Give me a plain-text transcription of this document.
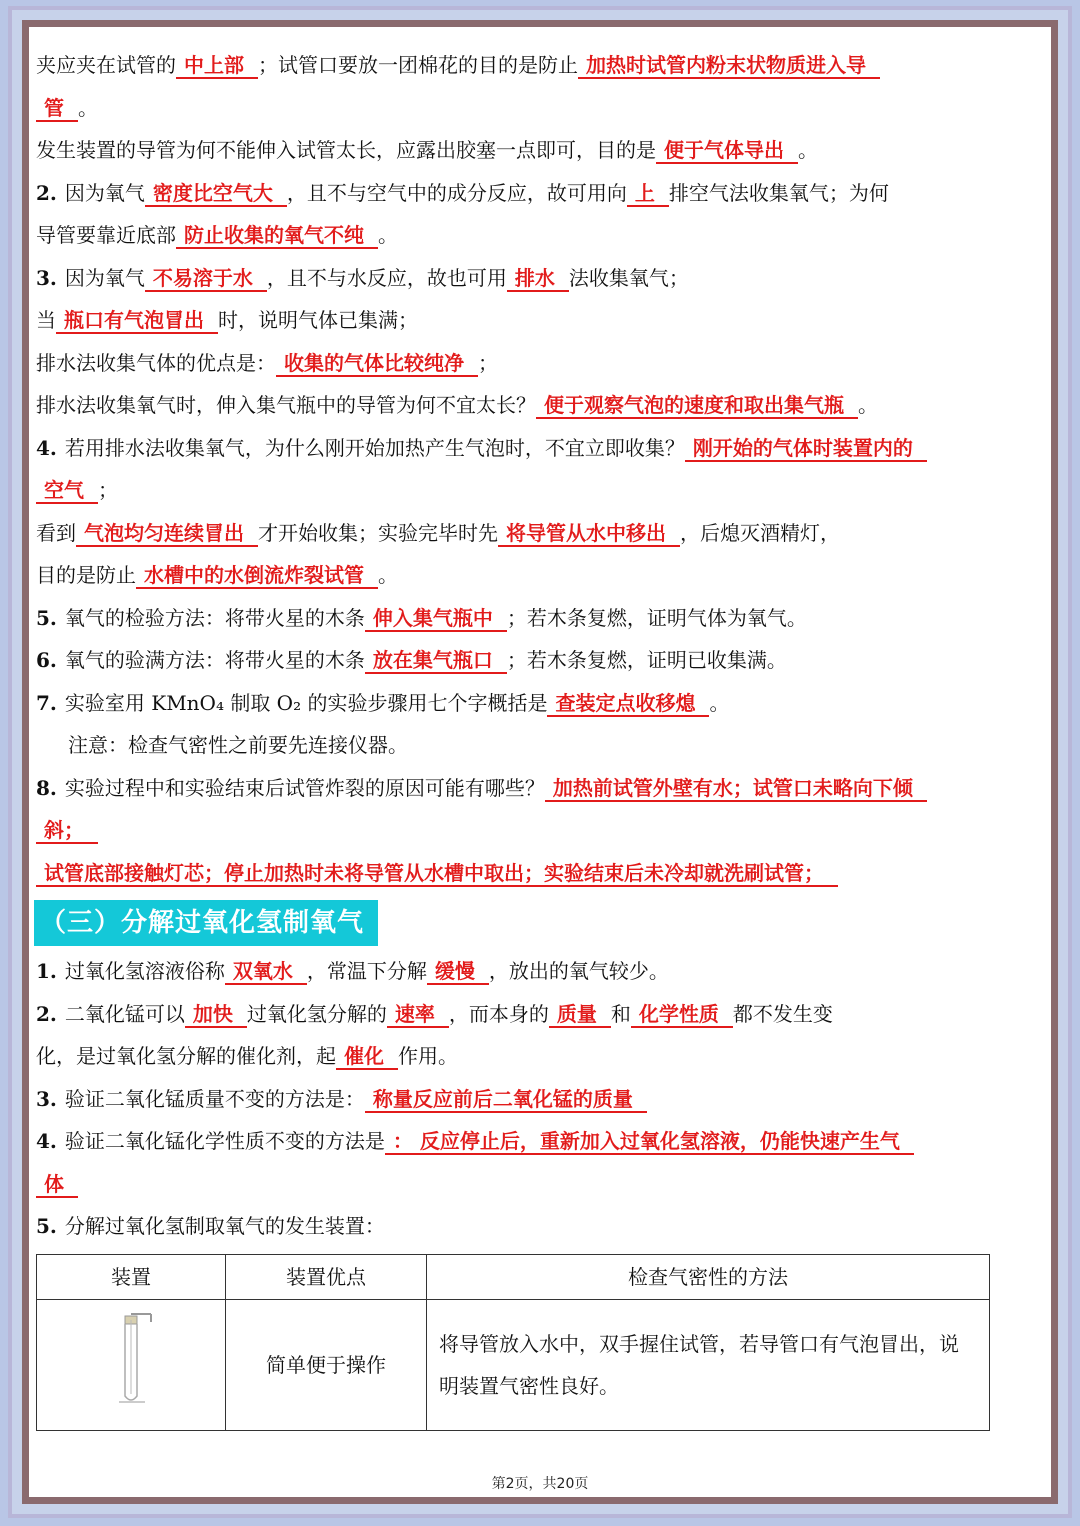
夹应夹在试管的 中上部 ；试管口要放一团棉花的目的是防止 加热时试管内粉末状物质进入导
管 。
发生装置的导管为何不能伸入试管太长，应露出胶塞一点即可，目的是 便于气体导出 。
2. 因为氧气 密度比空气大 ，且不与空气中的成分反应，故可用向 上 排空气法收集氧气；为何
导管要靠近底部 防止收集的氧气不纯 。
3. 因为氧气 不易溶于水 ，且不与水反应，故也可用 排水 法收集氧气；
当 瓶口有气泡冒出 时，说明气体已集满；
排水法收集气体的优点是： 收集的气体比较纯净 ；
排水法收集氧气时，伸入集气瓶中的导管为何不宜太长？ 便于观察气泡的速度和取出集气瓶 。
4. 若用排水法收集氧气，为什么刚开始加热产生气泡时，不宜立即收集？ 刚开始的气体时装置内的
空气 ；
看到 气泡均匀连续冒出 才开始收集；实验完毕时先 将导管从水中移出 ，后熄灭酒精灯，
目的是防止 水槽中的水倒流炸裂试管 。
5. 氧气的检验方法：将带火星的木条 伸入集气瓶中 ；若木条复燃，证明气体为氧气。
6. 氧气的验满方法：将带火星的木条 放在集气瓶口 ；若木条复燃，证明已收集满。
7. 实验室用 KMnO₄ 制取 O₂ 的实验步骤用七个字概括是 查装定点收移熄 。
注意：检查气密性之前要先连接仪器。
8. 实验过程中和实验结束后试管炸裂的原因可能有哪些？ 加热前试管外壁有水；试管口未略向下倾
斜；
试管底部接触灯芯；停止加热时未将导管从水槽中取出；实验结束后未冷却就洗刷试管；
（三）分解过氧化氢制氧气
1. 过氧化氢溶液俗称 双氧水 ，常温下分解 缓慢 ，放出的氧气较少。
2. 二氧化锰可以 加快 过氧化氢分解的 速率 ，而本身的 质量 和 化学性质 都不发生变
化，是过氧化氢分解的催化剂，起 催化 作用。
3. 验证二氧化锰质量不变的方法是： 称量反应前后二氧化锰的质量
4. 验证二氧化锰化学性质不变的方法是 ： 反应停止后，重新加入过氧化氢溶液，仍能快速产生气
体
5. 分解过氧化氢制取氧气的发生装置：
装置	装置优点	检查气密性的方法
	简单便于操作	将导管放入水中，双手握住试管，若导管口有气泡冒出，说明装置气密性良好。
第2页，共20页
